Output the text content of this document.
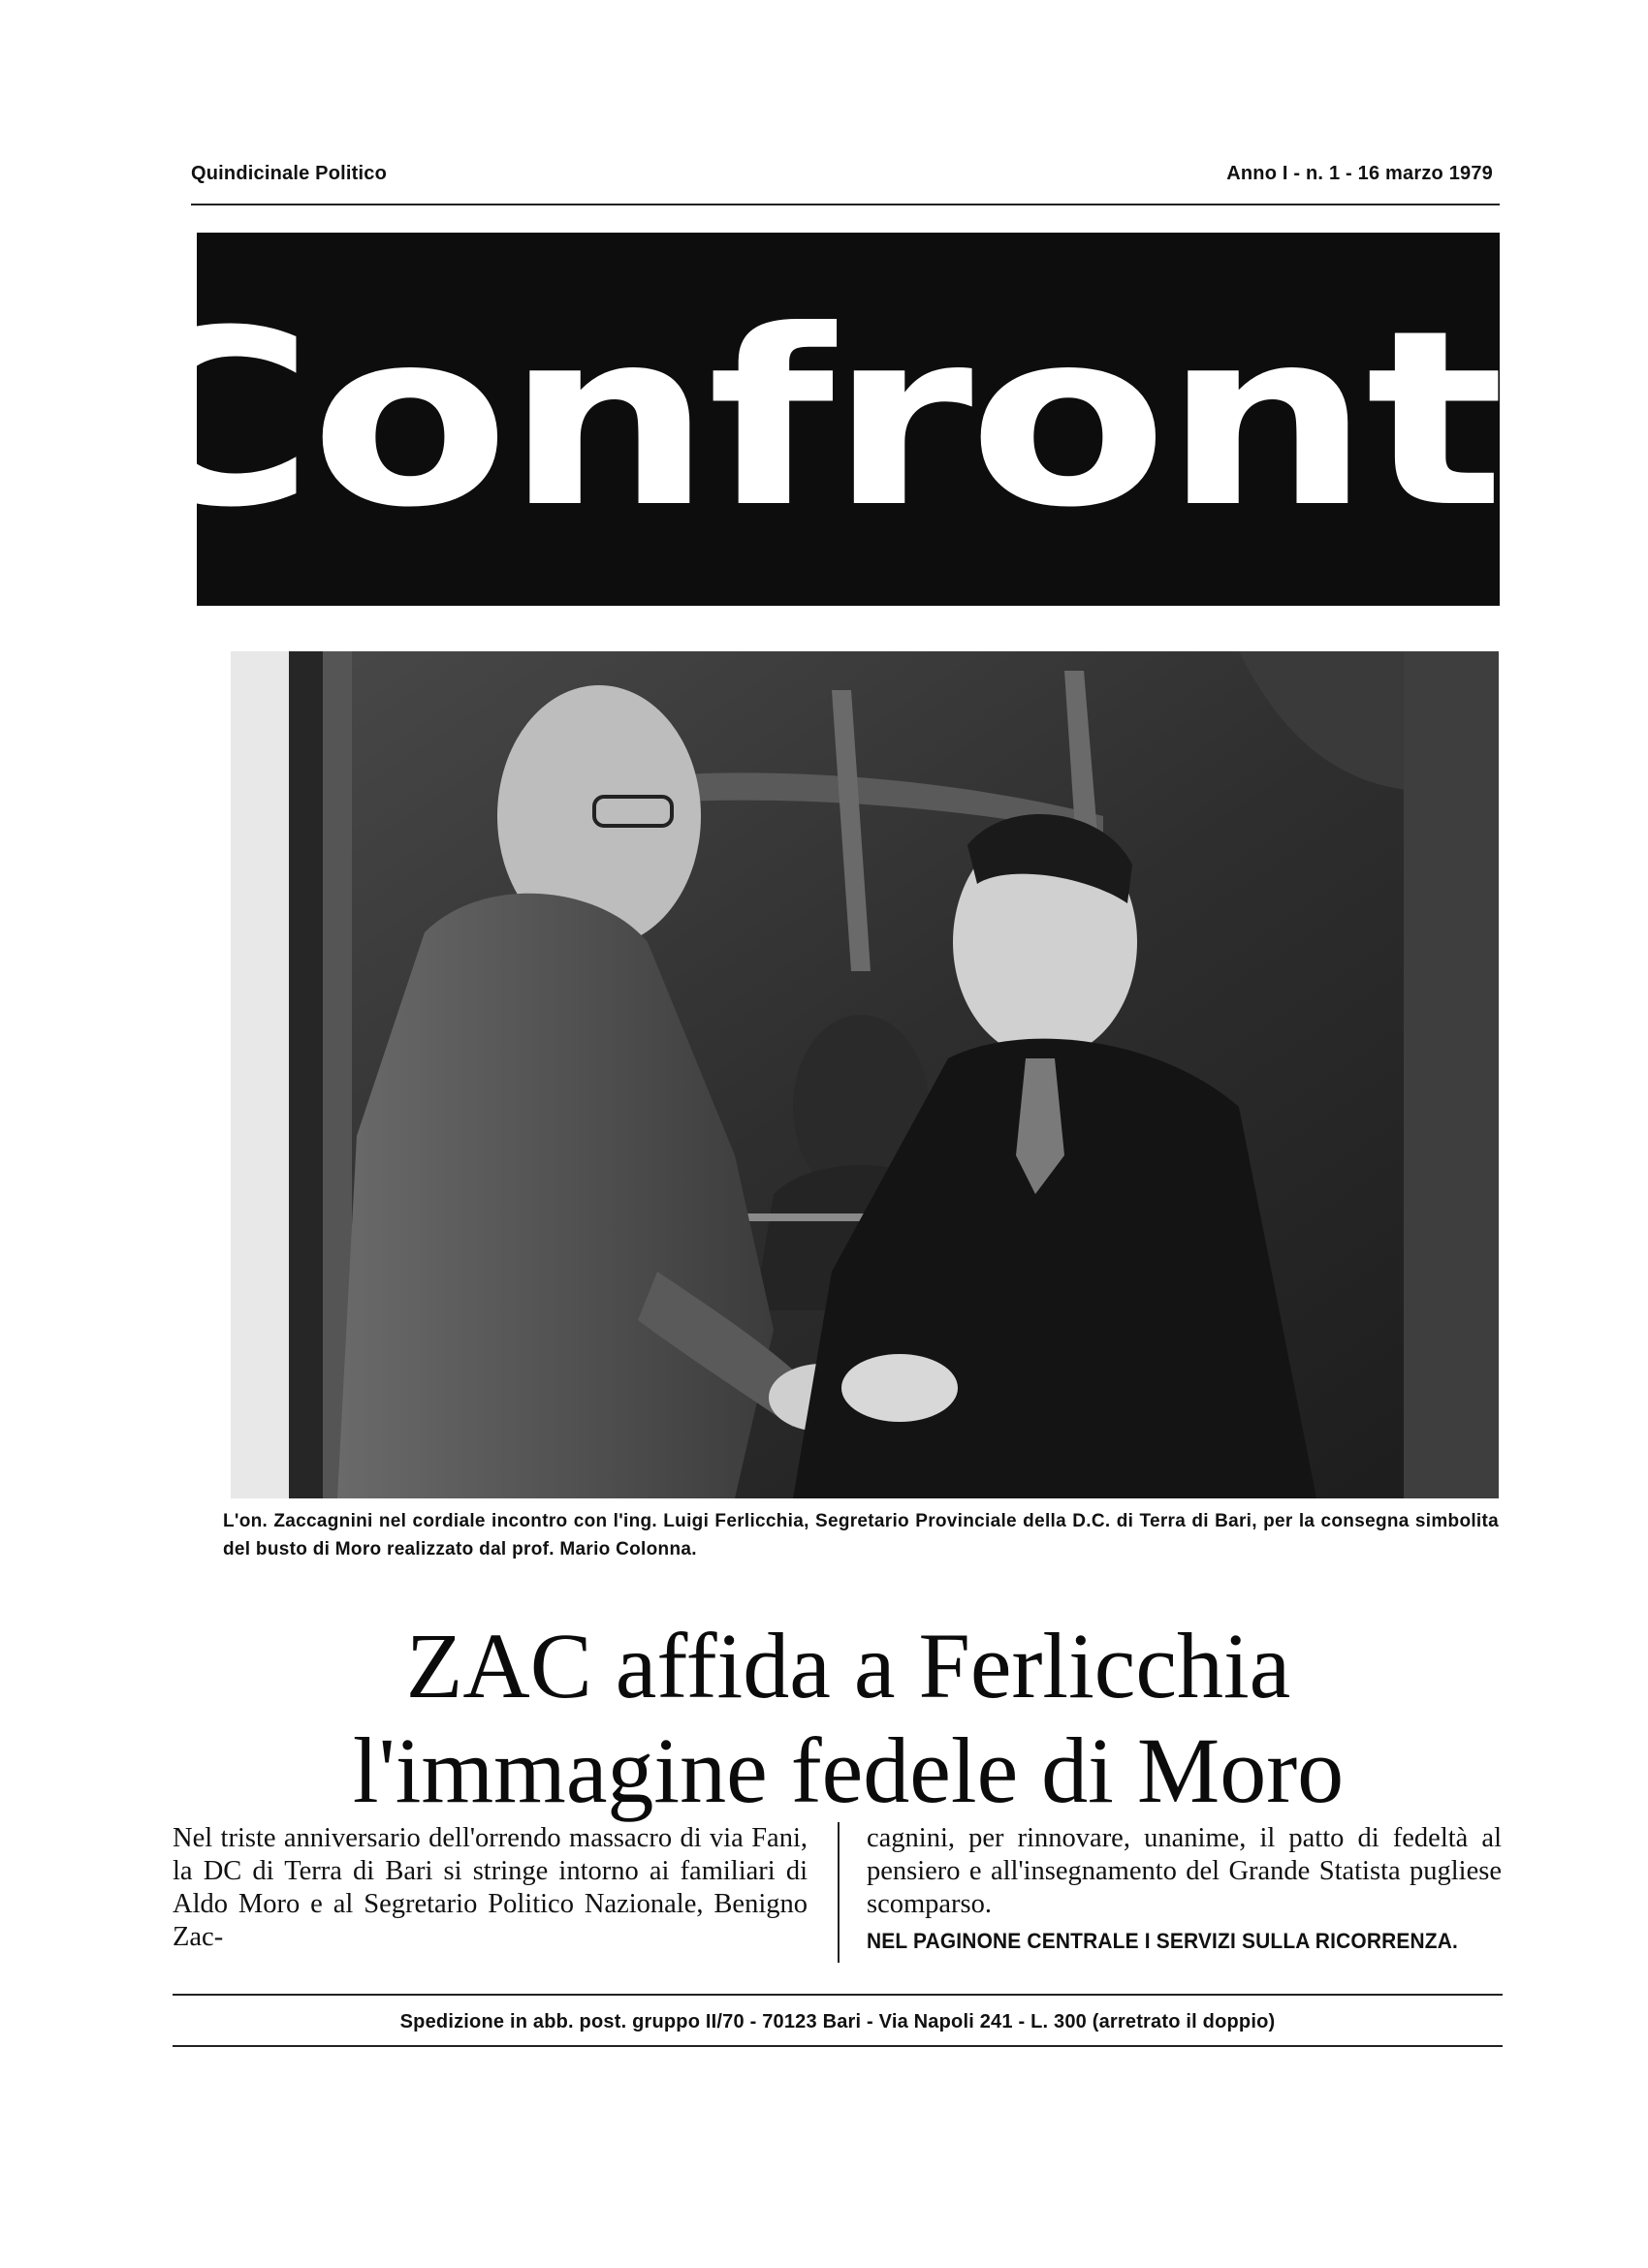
Quindicinale Politico	Anno I - n. 1 - 16 marzo 1979
Confronti
L'on. Zaccagnini nel cordiale incontro con l'ing. Luigi Ferlicchia, Segretario Provinciale della D.C. di Terra di Bari, per la consegna simbolita del busto di Moro realizzato dal prof. Mario Colonna.
ZAC affida a Ferlicchia
l'immagine fedele di Moro

Nel triste anniversario dell'orrendo massacro di via Fani, la DC di Terra di Bari si stringe intorno ai familiari di Aldo Moro e al Segretario Politico Nazionale, Benigno Zac-

cagnini, per rinnovare, unanime, il patto di fedeltà al pensiero e all'insegnamento del Grande Statista pugliese scomparso.

NEL PAGINONE CENTRALE I SERVIZI SULLA RICORRENZA.
Spedizione in abb. post. gruppo II/70 - 70123 Bari - Via Napoli 241 - L. 300 (arretrato il doppio)
